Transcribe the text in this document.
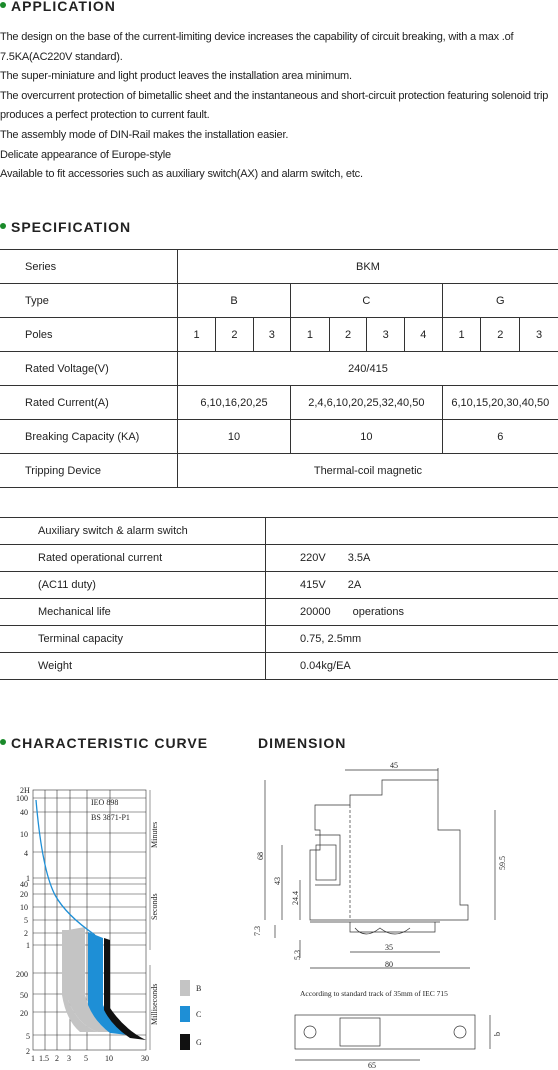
APPLICATION

The design on the base of the current-limiting device increases the capability of circuit breaking, with a max .of 7.5KA(AC220V standard).

The super-miniature and light product leaves the installation area minimum.

The overcurrent protection of bimetallic sheet and the instantaneous and short-circuit protection featuring solenoid trip produces a perfect protection to current fault.

The assembly mode of DIN-Rail makes the installation easier.

Delicate appearance of Europe-style

Available to fit accessories such as auxiliary switch(AX) and alarm switch, etc.

SPECIFICATION
Series	BKM									
Type	B			C				G		
Poles	1	2	3	1	2	3	4	1	2	3
Rated Voltage(V)	240/415									
Rated Current(A)	6,10,16,20,25			2,4,6,10,20,25,32,40,50				6,10,15,20,30,40,50		
Breaking Capacity (KA)	10			10				6		
Tripping Device	Thermal-coil magnetic									
Auxiliary switch & alarm switch	
Rated operational current	220V 3.5A
(AC11 duty)	415V 2A
Mechanical life	20000 operations
Terminal capacity	0.75, 2.5mm
Weight	0.04kg/EA
CHARACTERISTIC CURVE	DIMENSION
2H
100
40
10
4
1
40
20
10
5
2
1
200
50
20
5
2
1 1.5 2 3 5 10	30
IEO 898
BS 3871-P1
Minutes
Seconds
Milliseconds	B
C
G
45
68
43
24.4
59.5
7.3
5.3
35
80
65
b
According to standard track of 35mm of IEC 715
